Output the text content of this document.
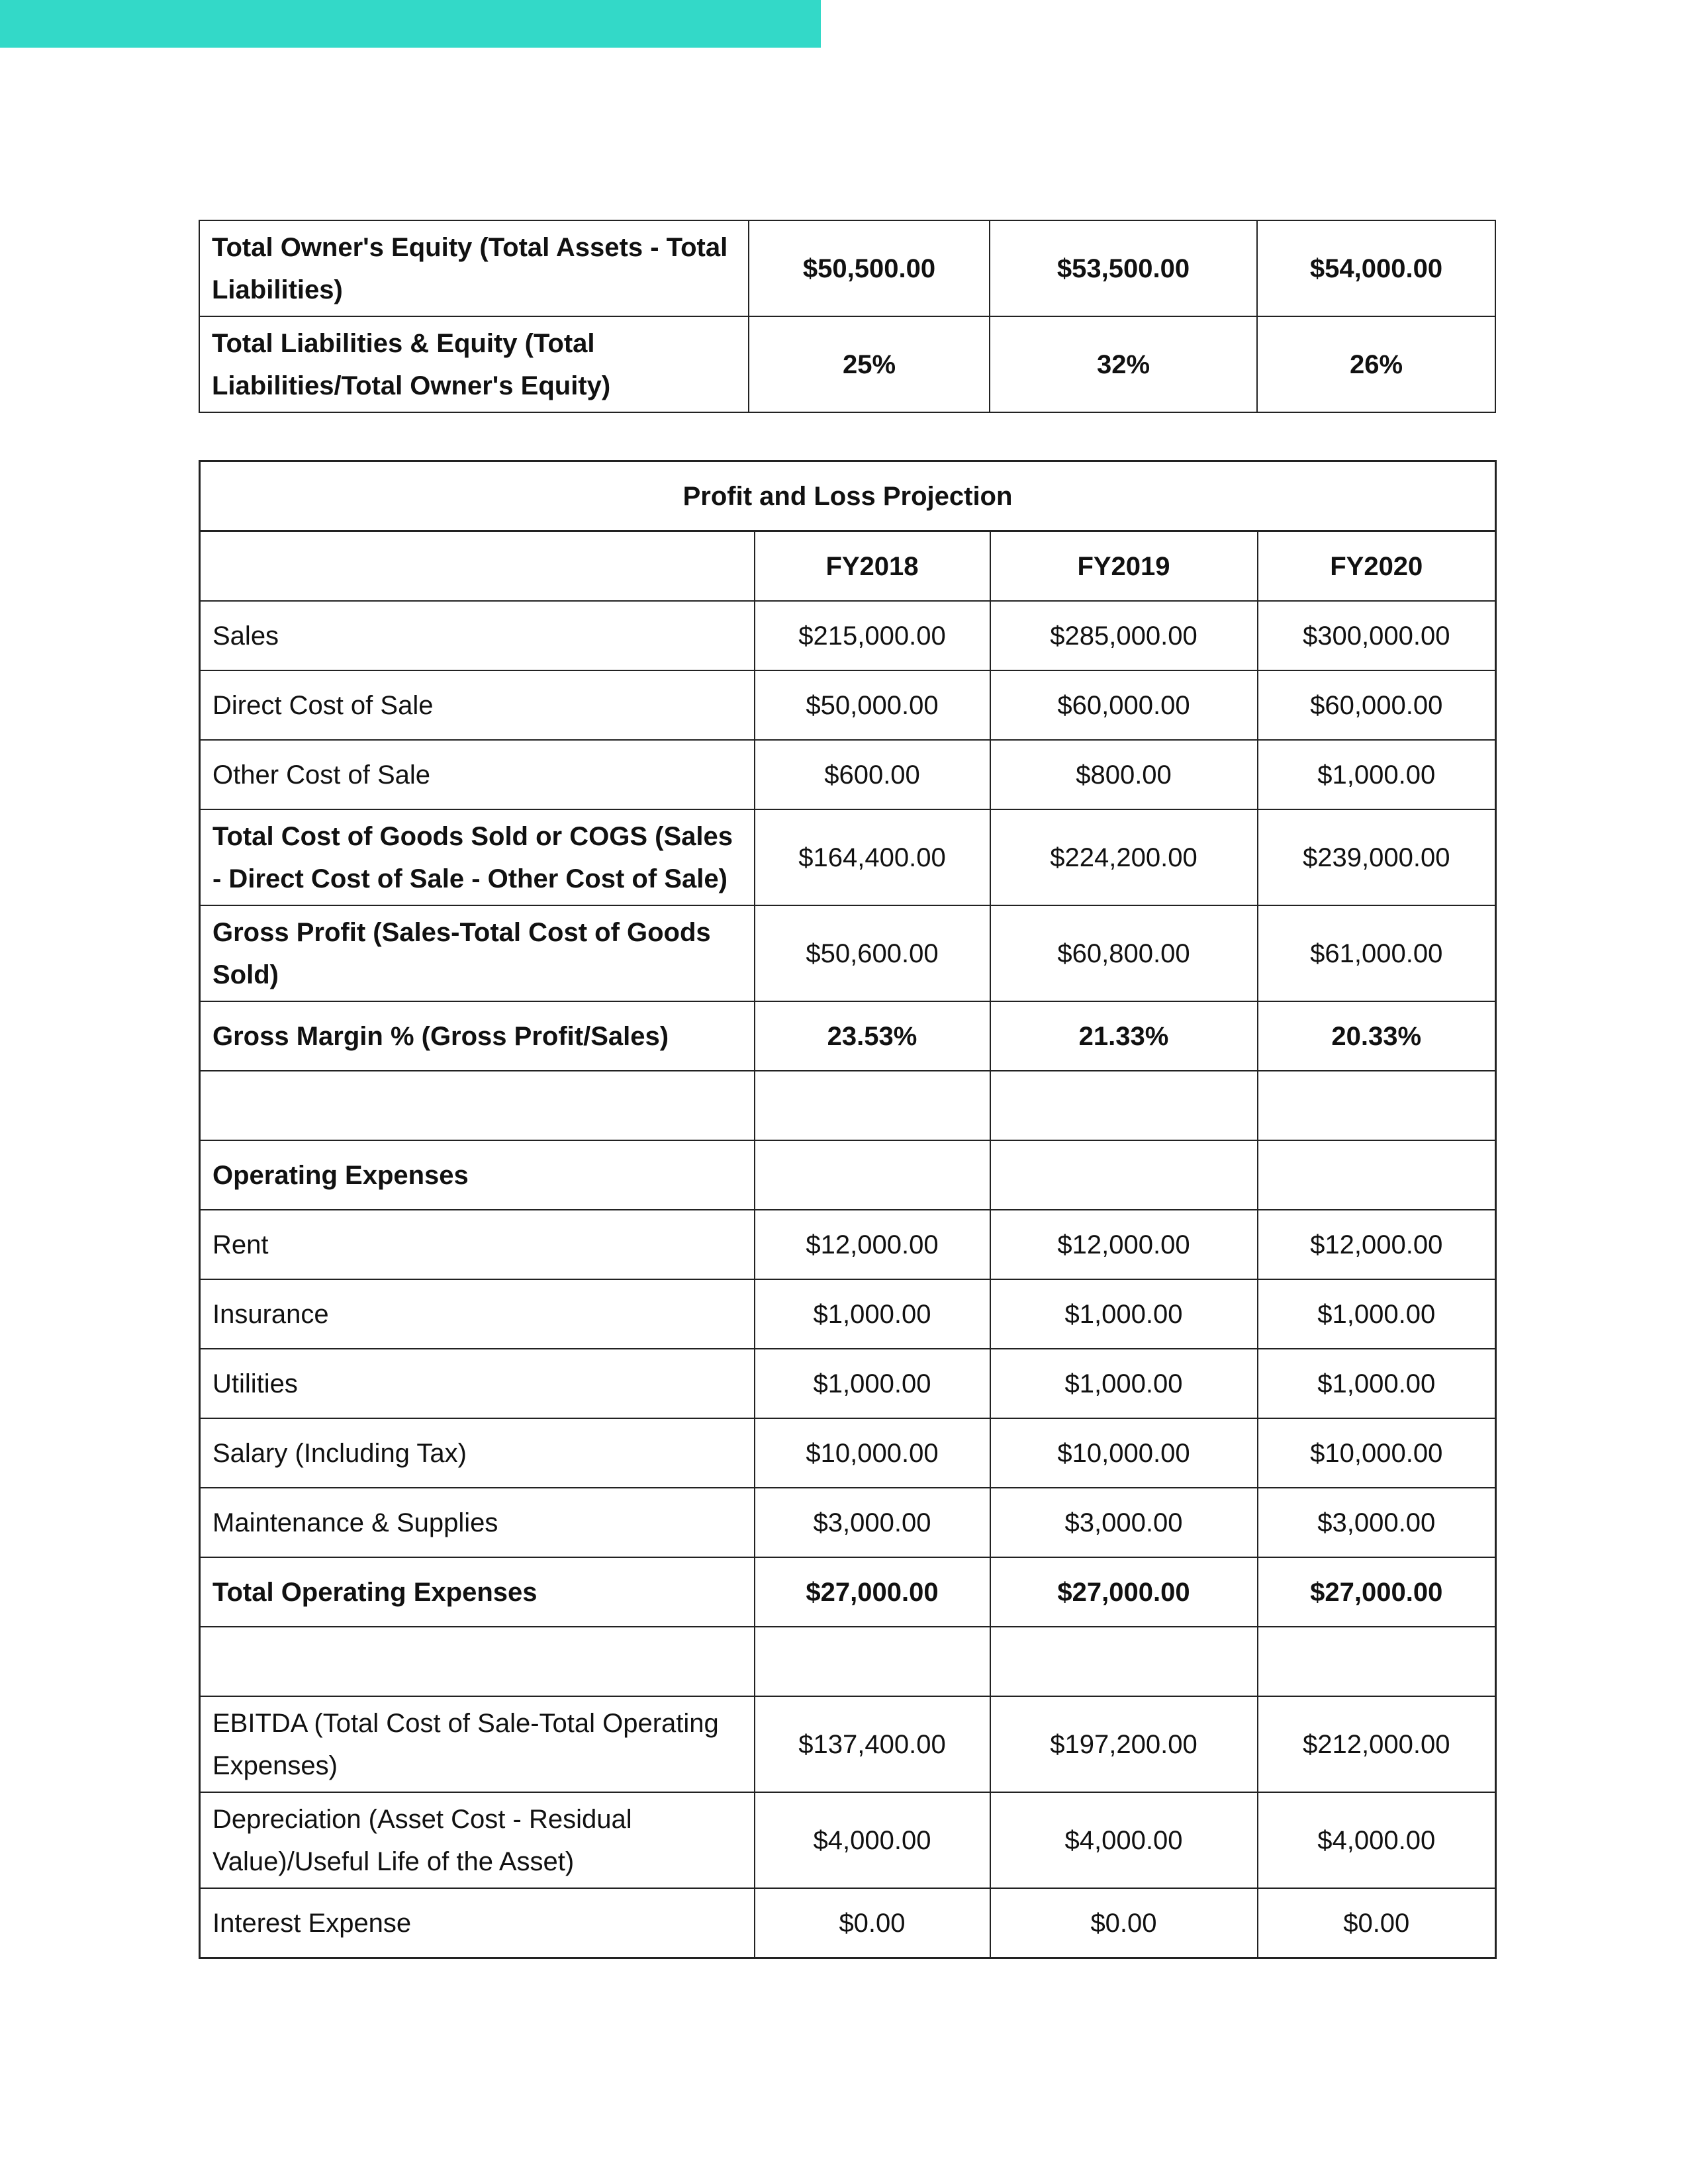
Total Owner's Equity (Total Assets - Total Liabilities)	$50,500.00	$53,500.00	$54,000.00
Total Liabilities & Equity (Total Liabilities/Total Owner's Equity)	25%	32%	26%
Profit and Loss Projection			
	FY2018	FY2019	FY2020
Sales	$215,000.00	$285,000.00	$300,000.00
Direct Cost of Sale	$50,000.00	$60,000.00	$60,000.00
Other Cost of Sale	$600.00	$800.00	$1,000.00
Total Cost of Goods Sold or COGS (Sales - Direct Cost of Sale - Other Cost of Sale)	$164,400.00	$224,200.00	$239,000.00
Gross Profit (Sales-Total Cost of Goods Sold)	$50,600.00	$60,800.00	$61,000.00
Gross Margin % (Gross Profit/Sales)	23.53%	21.33%	20.33%

Operating Expenses			
Rent	$12,000.00	$12,000.00	$12,000.00
Insurance	$1,000.00	$1,000.00	$1,000.00
Utilities	$1,000.00	$1,000.00	$1,000.00
Salary (Including Tax)	$10,000.00	$10,000.00	$10,000.00
Maintenance & Supplies	$3,000.00	$3,000.00	$3,000.00
Total Operating Expenses	$27,000.00	$27,000.00	$27,000.00

EBITDA (Total Cost of Sale-Total Operating Expenses)	$137,400.00	$197,200.00	$212,000.00
Depreciation (Asset Cost - Residual Value)/Useful Life of the Asset)	$4,000.00	$4,000.00	$4,000.00
Interest Expense	$0.00	$0.00	$0.00
